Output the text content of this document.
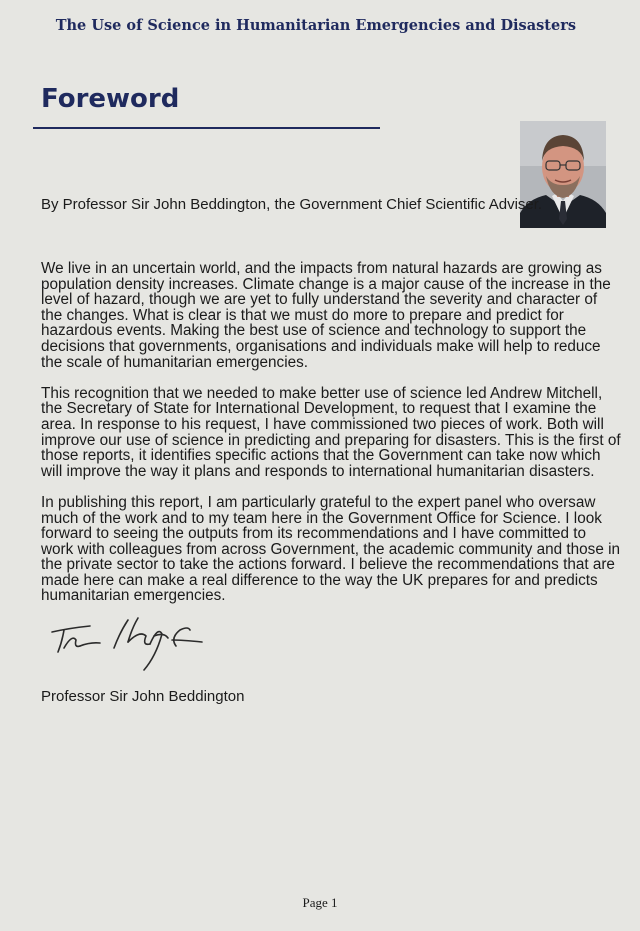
The Use of Science in Humanitarian Emergencies and Disasters
Foreword

By Professor Sir John Beddington, the Government Chief Scientific Adviser.

We live in an uncertain world, and the impacts from natural hazards are growing as population density increases. Climate change is a major cause of the increase in the level of hazard, though we are yet to fully understand the severity and character of the changes. What is clear is that we must do more to prepare and predict for hazardous events. Making the best use of science and technology to support the decisions that governments, organisations and individuals make will help to reduce the scale of humanitarian emergencies.

This recognition that we needed to make better use of science led Andrew Mitchell, the Secretary of State for International Development, to request that I examine the area. In response to his request, I have commissioned two pieces of work. Both will improve our use of science in predicting and preparing for disasters. This is the first of those reports, it identifies specific actions that the Government can take now which will improve the way it plans and responds to international humanitarian disasters.

In publishing this report, I am particularly grateful to the expert panel who oversaw much of the work and to my team here in the Government Office for Science. I look forward to seeing the outputs from its recommendations and I have committed to work with colleagues from across Government, the academic community and those in the private sector to take the actions forward. I believe the recommendations that are made here can make a real difference to the way the UK prepares for and predicts humanitarian emergencies.

Professor Sir John Beddington

Page 1
